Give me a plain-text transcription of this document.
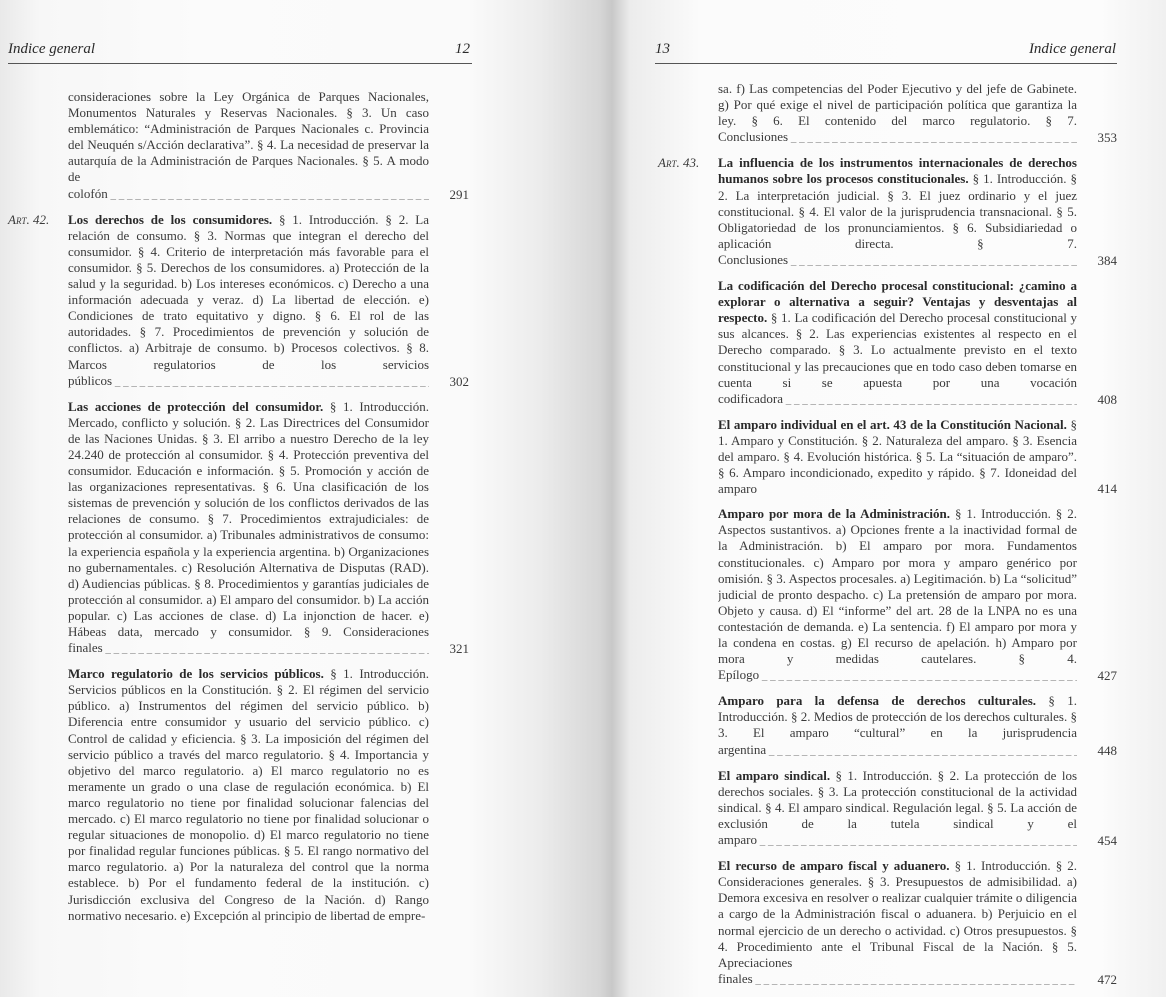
Indice general	12

consideraciones sobre la Ley Orgánica de Parques Nacionales, Monumentos Naturales y Reservas Nacionales. § 3. Un caso emblemático: “Administración de Parques Nacionales c. Provincia del Neuquén s/Acción declarativa”. § 4. La necesidad de preservar la autarquía de la Administración de Parques Nacionales. § 5. A modo de colofón _ _ _	291
Art. 42. Los derechos de los consumidores. § 1. Introducción. § 2. La relación de consumo. § 3. Normas que integran el derecho del consumidor. § 4. Criterio de interpretación más favorable para el consumidor. § 5. Derechos de los consumidores. a) Protección de la salud y la seguridad. b) Los intereses económicos. c) Derecho a una información adecuada y veraz. d) La libertad de elección. e) Condiciones de trato equitativo y digno. § 6. El rol de las autoridades. § 7. Procedimientos de prevención y solución de conflictos. a) Arbitraje de consumo. b) Procesos colectivos. § 8. Marcos regulatorios de los servicios públicos _ _ _	302

Las acciones de protección del consumidor. § 1. Introducción. Mercado, conflicto y solución. § 2. Las Directrices del Consumidor de las Naciones Unidas. § 3. El arribo a nuestro Derecho de la ley 24.240 de protección al consumidor. § 4. Protección preventiva del consumidor. Educación e información. § 5. Promoción y acción de las organizaciones representativas. § 6. Una clasificación de los sistemas de prevención y solución de los conflictos derivados de las relaciones de consumo. § 7. Procedimientos extrajudiciales: de protección al consumidor. a) Tribunales administrativos de consumo: la experiencia española y la experiencia argentina. b) Organizaciones no gubernamentales. c) Resolución Alternativa de Disputas (RAD). d) Audiencias públicas. § 8. Procedimientos y garantías judiciales de protección al consumidor. a) El amparo del consumidor. b) La acción popular. c) Las acciones de clase. d) La injonction de hacer. e) Hábeas data, mercado y consumidor. § 9. Consideraciones finales _ _ _	321

Marco regulatorio de los servicios públicos. § 1. Introducción. Servicios públicos en la Constitución. § 2. El régimen del servicio público. a) Instrumentos del régimen del servicio público. b) Diferencia entre consumidor y usuario del servicio público. c) Control de calidad y eficiencia. § 3. La imposición del régimen del servicio público a través del marco regulatorio. § 4. Importancia y objetivo del marco regulatorio. a) El marco regulatorio no es meramente un grado o una clase de regulación económica. b) El marco regulatorio no tiene por finalidad solucionar falencias del mercado. c) El marco regulatorio no tiene por finalidad solucionar o regular situaciones de monopolio. d) El marco regulatorio no tiene por finalidad regular funciones públicas. § 5. El rango normativo del marco regulatorio. a) Por la naturaleza del control que la norma establece. b) Por el fundamento federal de la institución. c) Jurisdicción exclusiva del Congreso de la Nación. d) Rango normativo necesario. e) Excepción al principio de libertad de empre-

13	Indice general

sa. f) Las competencias del Poder Ejecutivo y del jefe de Gabinete. g) Por qué exige el nivel de participación política que garantiza la ley. § 6. El contenido del marco regulatorio. § 7. Conclusiones _ _ _	353
Art. 43. La influencia de los instrumentos internacionales de derechos humanos sobre los procesos constitucionales. § 1. Introducción. § 2. La interpretación judicial. § 3. El juez ordinario y el juez constitucional. § 4. El valor de la jurisprudencia transnacional. § 5. Obligatoriedad de los pronunciamientos. § 6. Subsidiariedad o aplicación directa. § 7. Conclusiones _ _ _	384

La codificación del Derecho procesal constitucional: ¿camino a explorar o alternativa a seguir? Ventajas y desventajas al respecto. § 1. La codificación del Derecho procesal constitucional y sus alcances. § 2. Las experiencias existentes al respecto en el Derecho comparado. § 3. Lo actualmente previsto en el texto constitucional y las precauciones que en todo caso deben tomarse en cuenta si se apuesta por una vocación codificadora _ _ _	408

El amparo individual en el art. 43 de la Constitución Nacional. § 1. Amparo y Constitución. § 2. Naturaleza del amparo. § 3. Esencia del amparo. § 4. Evolución histórica. § 5. La “situación de amparo”. § 6. Amparo incondicionado, expedito y rápido. § 7. Idoneidad del amparo	414

Amparo por mora de la Administración. § 1. Introducción. § 2. Aspectos sustantivos. a) Opciones frente a la inactividad formal de la Administración. b) El amparo por mora. Fundamentos constitucionales. c) Amparo por mora y amparo genérico por omisión. § 3. Aspectos procesales. a) Legitimación. b) La “solicitud” judicial de pronto despacho. c) La pretensión de amparo por mora. Objeto y causa. d) El “informe” del art. 28 de la LNPA no es una contestación de demanda. e) La sentencia. f) El amparo por mora y la condena en costas. g) El recurso de apelación. h) Amparo por mora y medidas cautelares. § 4. Epílogo _ _ _	427

Amparo para la defensa de derechos culturales. § 1. Introducción. § 2. Medios de protección de los derechos culturales. § 3. El amparo “cultural” en la jurisprudencia argentina _ _ _	448

El amparo sindical. § 1. Introducción. § 2. La protección de los derechos sociales. § 3. La protección constitucional de la actividad sindical. § 4. El amparo sindical. Regulación legal. § 5. La acción de exclusión de la tutela sindical y el amparo _ _ _	454

El recurso de amparo fiscal y aduanero. § 1. Introducción. § 2. Consideraciones generales. § 3. Presupuestos de admisibilidad. a) Demora excesiva en resolver o realizar cualquier trámite o diligencia a cargo de la Administración fiscal o aduanera. b) Perjuicio en el normal ejercicio de un derecho o actividad. c) Otros presupuestos. § 4. Procedimiento ante el Tribunal Fiscal de la Nación. § 5. Apreciaciones finales _ _ _	472
